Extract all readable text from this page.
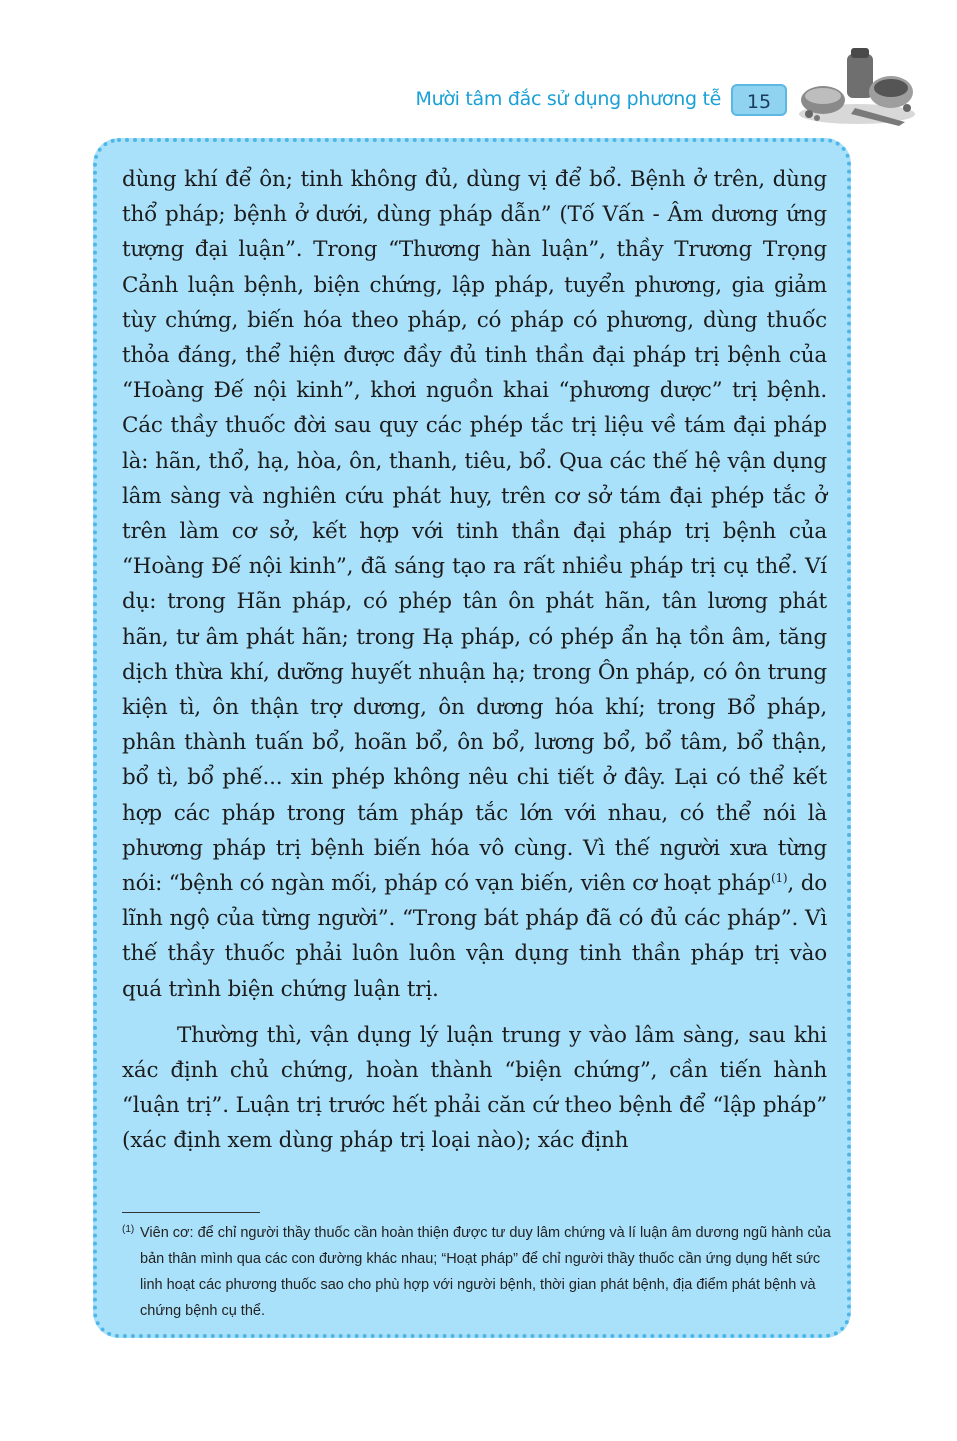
Mười tâm đắc sử dụng phương tễ	15

dùng khí để ôn; tinh không đủ, dùng vị để bổ. Bệnh ở trên, dùng thổ pháp; bệnh ở dưới, dùng pháp dẫn” (Tố Vấn - Âm dương ứng tượng đại luận”. Trong “Thương hàn luận”, thầy Trương Trọng Cảnh luận bệnh, biện chứng, lập pháp, tuyển phương, gia giảm tùy chứng, biến hóa theo pháp, có pháp có phương, dùng thuốc thỏa đáng, thể hiện được đầy đủ tinh thần đại pháp trị bệnh của “Hoàng Đế nội kinh”, khơi nguồn khai “phương dược” trị bệnh. Các thầy thuốc đời sau quy các phép tắc trị liệu về tám đại pháp là: hãn, thổ, hạ, hòa, ôn, thanh, tiêu, bổ. Qua các thế hệ vận dụng lâm sàng và nghiên cứu phát huy, trên cơ sở tám đại phép tắc ở trên làm cơ sở, kết hợp với tinh thần đại pháp trị bệnh của “Hoàng Đế nội kinh”, đã sáng tạo ra rất nhiều pháp trị cụ thể. Ví dụ: trong Hãn pháp, có phép tân ôn phát hãn, tân lương phát hãn, tư âm phát hãn; trong Hạ pháp, có phép ẩn hạ tồn âm, tăng dịch thừa khí, dưỡng huyết nhuận hạ; trong Ôn pháp, có ôn trung kiện tì, ôn thận trợ dương, ôn dương hóa khí; trong Bổ pháp, phân thành tuấn bổ, hoãn bổ, ôn bổ, lương bổ, bổ tâm, bổ thận, bổ tì, bổ phế... xin phép không nêu chi tiết ở đây. Lại có thể kết hợp các pháp trong tám pháp tắc lớn với nhau, có thể nói là phương pháp trị bệnh biến hóa vô cùng. Vì thế người xưa từng nói: “bệnh có ngàn mối, pháp có vạn biến, viên cơ hoạt pháp$^{(1)}$, do lĩnh ngộ của từng người”. “Trong bát pháp đã có đủ các pháp”. Vì thế thầy thuốc phải luôn luôn vận dụng tinh thần pháp trị vào quá trình biện chứng luận trị.

Thường thì, vận dụng lý luận trung y vào lâm sàng, sau khi xác định chủ chứng, hoàn thành “biện chứng”, cần tiến hành “luận trị”. Luận trị trước hết phải căn cứ theo bệnh để “lập pháp” (xác định xem dùng pháp trị loại nào); xác định

(1) Viên cơ: để chỉ người thầy thuốc cần hoàn thiện được tư duy lâm chứng và lí luận âm dương ngũ hành của bản thân mình qua các con đường khác nhau; “Hoạt pháp” để chỉ người thầy thuốc cần ứng dụng hết sức linh hoạt các phương thuốc sao cho phù hợp với người bệnh, thời gian phát bệnh, địa điểm phát bệnh và chứng bệnh cụ thể.
